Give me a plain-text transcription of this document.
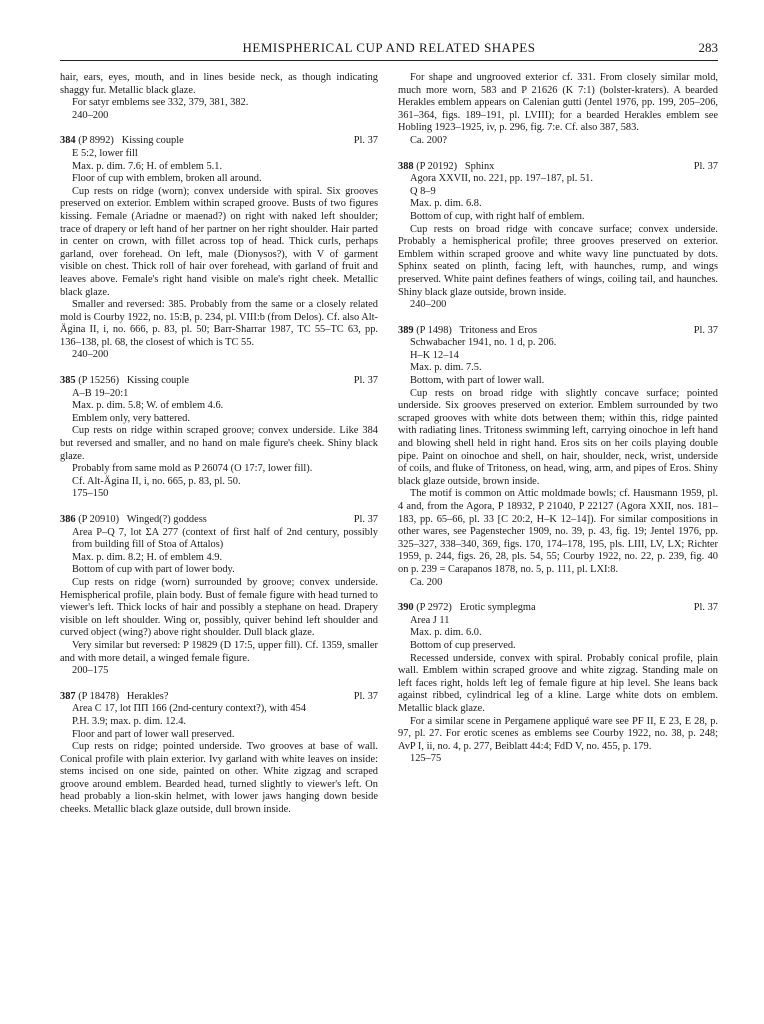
HEMISPHERICAL CUP AND RELATED SHAPES	283

hair, ears, eyes, mouth, and in lines beside neck, as though indicating shaggy fur. Metallic black glaze.

For satyr emblems see 332, 379, 381, 382.

240–200

384 (P 8992) Kissing couple	Pl. 37

E 5:2, lower fill

Max. p. dim. 7.6; H. of emblem 5.1.

Floor of cup with emblem, broken all around.

Cup rests on ridge (worn); convex underside with spiral. Six grooves preserved on exterior. Emblem within scraped groove. Busts of two figures kissing. Female (Ariadne or maenad?) on right with naked left shoulder; trace of drapery or left hand of her partner on her right shoulder. Hair parted in center on crown, with fillet across top of head. Thick curls, perhaps garland, over forehead. On left, male (Dionysos?), with V of garment visible on chest. Thick roll of hair over forehead, with garland of fruit and leaves above. Female's right hand visible on male's right cheek. Metallic black glaze.

Smaller and reversed: 385. Probably from the same or a closely related mold is Courby 1922, no. 15:B, p. 234, pl. VIII:b (from Delos). Cf. also Alt-Ägina II, i, no. 666, p. 83, pl. 50; Barr-Sharrar 1987, TC 55–TC 63, pp. 136–138, pl. 68, the closest of which is TC 55.

240–200

385 (P 15256) Kissing couple	Pl. 37

A–B 19–20:1

Max. p. dim. 5.8; W. of emblem 4.6.

Emblem only, very battered.

Cup rests on ridge within scraped groove; convex underside. Like 384 but reversed and smaller, and no hand on male figure's cheek. Shiny black glaze.

Probably from same mold as P 26074 (O 17:7, lower fill).

Cf. Alt-Ägina II, i, no. 665, p. 83, pl. 50.

175–150

386 (P 20910) Winged(?) goddess	Pl. 37

Area P–Q 7, lot ΣA 277 (context of first half of 2nd century, possibly from building fill of Stoa of Attalos)

Max. p. dim. 8.2; H. of emblem 4.9.

Bottom of cup with part of lower body.

Cup rests on ridge (worn) surrounded by groove; convex underside. Hemispherical profile, plain body. Bust of female figure with head turned to viewer's left. Thick locks of hair and possibly a stephane on head. Drapery visible on left shoulder. Wing or, possibly, quiver behind left shoulder and curved object (wing?) above right shoulder. Dull black glaze.

Very similar but reversed: P 19829 (D 17:5, upper fill). Cf. 1359, smaller and with more detail, a winged female figure.

200–175

387 (P 18478) Herakles?	Pl. 37

Area C 17, lot ΠΠ 166 (2nd-century context?), with 454

P.H. 3.9; max. p. dim. 12.4.

Floor and part of lower wall preserved.

Cup rests on ridge; pointed underside. Two grooves at base of wall. Conical profile with plain exterior. Ivy garland with white leaves on inside: stems incised on one side, painted on other. White zigzag and scraped groove around emblem. Bearded head, turned slightly to viewer's left. On head probably a lion-skin helmet, with lower jaws hanging down beside cheeks. Metallic black glaze outside, dull brown inside.

For shape and ungrooved exterior cf. 331. From closely similar mold, much more worn, 583 and P 21626 (K 7:1) (bolster-kraters). A bearded Herakles emblem appears on Calenian gutti (Jentel 1976, pp. 199, 205–206, 361–364, figs. 189–191, pl. LVIII); for a bearded Herakles emblem see Hobling 1923–1925, iv, p. 296, fig. 7:e. Cf. also 387, 583.

Ca. 200?

388 (P 20192) Sphinx	Pl. 37

Agora XXVII, no. 221, pp. 197–187, pl. 51.

Q 8–9

Max. p. dim. 6.8.

Bottom of cup, with right half of emblem.

Cup rests on broad ridge with concave surface; convex underside. Probably a hemispherical profile; three grooves preserved on exterior. Emblem within scraped groove and white wavy line punctuated by dots. Sphinx seated on plinth, facing left, with haunches, rump, and wings preserved. White paint defines feathers of wings, coiling tail, and haunches. Shiny black glaze outside, brown inside.

240–200

389 (P 1498) Tritoness and Eros	Pl. 37

Schwabacher 1941, no. 1 d, p. 206.

H–K 12–14

Max. p. dim. 7.5.

Bottom, with part of lower wall.

Cup rests on broad ridge with slightly concave surface; pointed underside. Six grooves preserved on exterior. Emblem surrounded by two scraped grooves with white dots between them; within this, ridge painted with radiating lines. Tritoness swimming left, carrying oinochoe in left hand and blowing shell held in right hand. Eros sits on her coils playing double pipe. Paint on oinochoe and shell, on hair, shoulder, neck, wrist, underside of coils, and fluke of Tritoness, on head, wing, arm, and pipes of Eros. Shiny black glaze outside, brown inside.

The motif is common on Attic moldmade bowls; cf. Hausmann 1959, pl. 4 and, from the Agora, P 18932, P 21040, P 22127 (Agora XXII, nos. 181–183, pp. 65–66, pl. 33 [C 20:2, H–K 12–14]). For similar compositions in other wares, see Pagenstecher 1909, no. 39, p. 43, fig. 19; Jentel 1976, pp. 325–327, 338–340, 369, figs. 170, 174–178, 195, pls. LIII, LV, LX; Richter 1959, p. 244, figs. 26, 28, pls. 54, 55; Courby 1922, no. 22, p. 239, fig. 40 on p. 239 = Carapanos 1878, no. 5, p. 111, pl. LXI:8.

Ca. 200

390 (P 2972) Erotic symplegma	Pl. 37

Area J 11

Max. p. dim. 6.0.

Bottom of cup preserved.

Recessed underside, convex with spiral. Probably conical profile, plain wall. Emblem within scraped groove and white zigzag. Standing male on left faces right, holds left leg of female figure at hip level. She leans back against ribbed, cylindrical leg of a kline. Large white dots on emblem. Metallic black glaze.

For a similar scene in Pergamene appliqué ware see PF II, E 23, E 28, p. 97, pl. 27. For erotic scenes as emblems see Courby 1922, no. 38, p. 248; AvP I, ii, no. 4, p. 277, Beiblatt 44:4; FdD V, no. 455, p. 179.

125–75
